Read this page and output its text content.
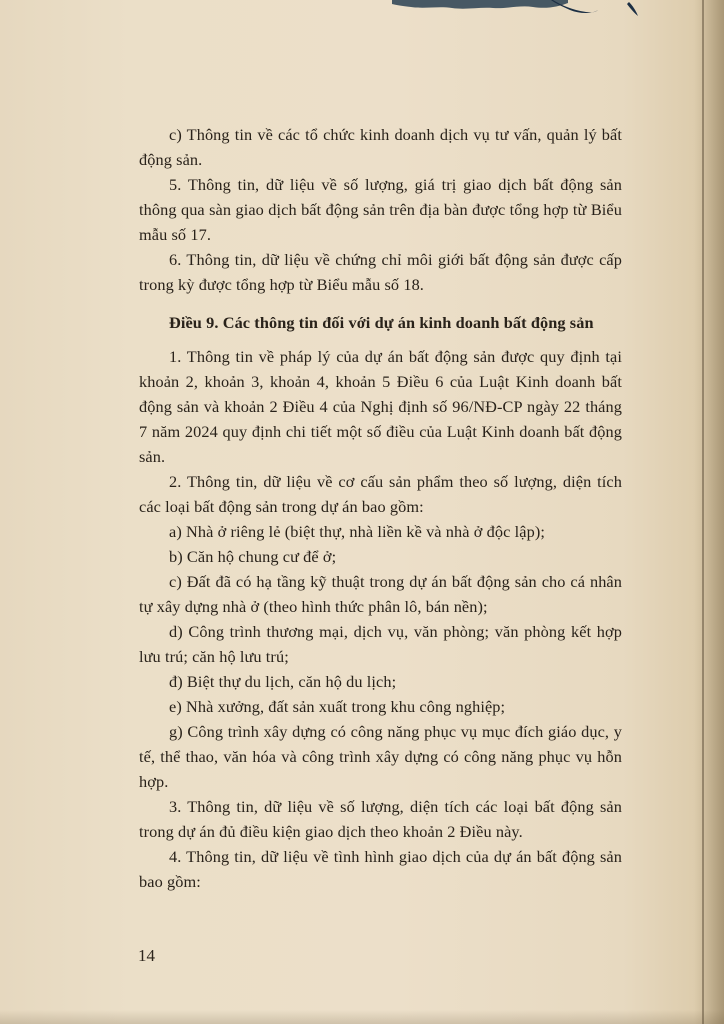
c) Thông tin về các tổ chức kinh doanh dịch vụ tư vấn, quản lý bất động sản.

5. Thông tin, dữ liệu về số lượng, giá trị giao dịch bất động sản thông qua sàn giao dịch bất động sản trên địa bàn được tổng hợp từ Biểu mẫu số 17.

6. Thông tin, dữ liệu về chứng chỉ môi giới bất động sản được cấp trong kỳ được tổng hợp từ Biểu mẫu số 18.

Điều 9. Các thông tin đối với dự án kinh doanh bất động sản

1. Thông tin về pháp lý của dự án bất động sản được quy định tại khoản 2, khoản 3, khoản 4, khoản 5 Điều 6 của Luật Kinh doanh bất động sản và khoản 2 Điều 4 của Nghị định số 96/NĐ-CP ngày 22 tháng 7 năm 2024 quy định chi tiết một số điều của Luật Kinh doanh bất động sản.

2. Thông tin, dữ liệu về cơ cấu sản phẩm theo số lượng, diện tích các loại bất động sản trong dự án bao gồm:

a) Nhà ở riêng lẻ (biệt thự, nhà liền kề và nhà ở độc lập);

b) Căn hộ chung cư để ở;

c) Đất đã có hạ tầng kỹ thuật trong dự án bất động sản cho cá nhân tự xây dựng nhà ở (theo hình thức phân lô, bán nền);

d) Công trình thương mại, dịch vụ, văn phòng; văn phòng kết hợp lưu trú; căn hộ lưu trú;

đ) Biệt thự du lịch, căn hộ du lịch;

e) Nhà xưởng, đất sản xuất trong khu công nghiệp;

g) Công trình xây dựng có công năng phục vụ mục đích giáo dục, y tế, thể thao, văn hóa và công trình xây dựng có công năng phục vụ hỗn hợp.

3. Thông tin, dữ liệu về số lượng, diện tích các loại bất động sản trong dự án đủ điều kiện giao dịch theo khoản 2 Điều này.

4. Thông tin, dữ liệu về tình hình giao dịch của dự án bất động sản bao gồm:

14
